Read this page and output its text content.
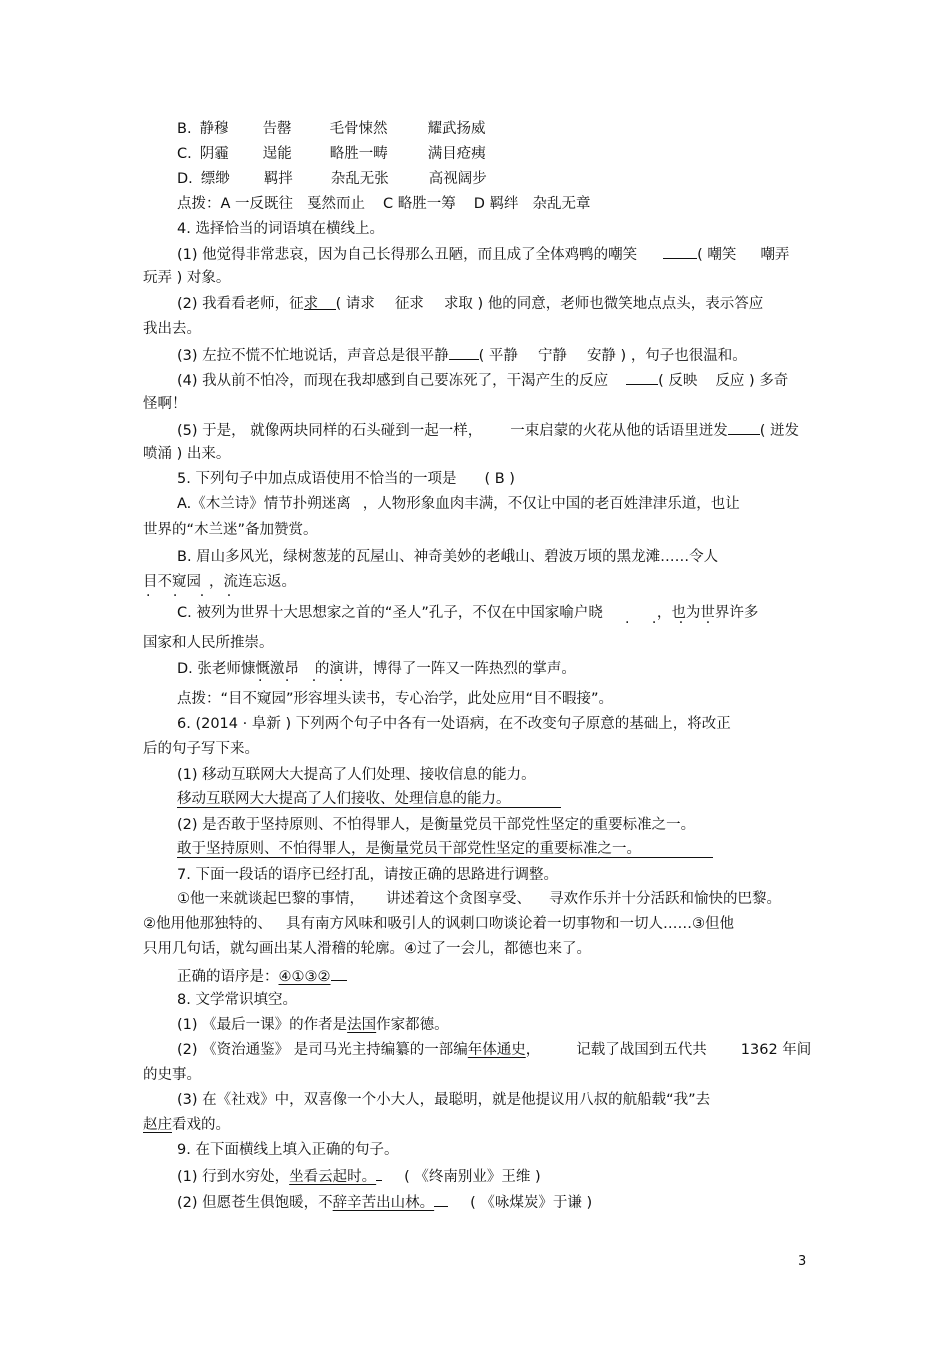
B. 静穆 告罄	毛骨悚然	耀武扬威
C. 阴霾 逞能	略胜一畴	满目疮痍
D. 缥缈 羁拌	杂乱无张	高视阔步
点拨：A 一反既往 戛然而止 C 略胜一筹 D 羁绊 杂乱无章
4. 选择恰当的词语填在横线上。
(1) 他觉得非常悲哀，因为自己长得那么丑陋，而且成了全体鸡鸭的嘲笑	( 嘲笑 嘲弄
玩弄 ) 对象。
(2) 我看看老师，征求 ( 请求 征求 求取 ) 他的同意，老师也微笑地点点头，表示答应
我出去。
(3) 左拉不慌不忙地说话，声音总是很平静 ( 平静 宁静 安静 ) ，句子也很温和。
(4) 我从前不怕冷，而现在我却感到自己要冻死了，干渴产生的反应	( 反映 反应 ) 多奇
怪啊！
(5) 于是， 就像两块同样的石头碰到一起一样， 一束启蒙的火花从他的话语里迸发 ( 迸发
喷涌 ) 出来。
5. 下列句子中加点成语使用不恰当的一项是 ( B )
A.《木兰诗》情节扑朔迷离 ，人物形象血肉丰满，不仅让中国的老百姓津津乐道，也让
世界的“木兰迷”备加赞赏。
B. 眉山多风光，绿树葱茏的瓦屋山、神奇美妙的老峨山、碧波万顷的黑龙滩……令人
目不窥园 ，流连忘返。
· · · ·
C. 被列为世界十大思想家之首的“圣人”孔子，不仅在中国家喻户晓	，也为世界许多
· · · ·
国家和人民所推崇。
D. 张老师慷慨激昂 的演讲，博得了一阵又一阵热烈的掌声。
· · · ·
点拨：“目不窥园”形容埋头读书，专心治学，此处应用“目不暇接”。
6. (2014 · 阜新 ) 下列两个句子中各有一处语病，在不改变句子原意的基础上，将改正
后的句子写下来。
(1) 移动互联网大大提高了人们处理、接收信息的能力。
移动互联网大大提高了人们接收、处理信息的能力。
(2) 是否敢于坚持原则、不怕得罪人，是衡量党员干部党性坚定的重要标准之一。
敢于坚持原则、不怕得罪人，是衡量党员干部党性坚定的重要标准之一。
7. 下面一段话的语序已经打乱，请按正确的思路进行调整。
①他一来就谈起巴黎的事情， 讲述着这个贪图享受、 寻欢作乐并十分活跃和愉快的巴黎。
②他用他那独特的、 具有南方风味和吸引人的讽刺口吻谈论着一切事物和一切人……③但他
只用几句话，就勾画出某人滑稽的轮廓。④过了一会儿，都德也来了。
正确的语序是：④①③②
8. 文学常识填空。
(1) 《最后一课》的作者是法国作家都德。
(2) 《资治通鉴》 是司马光主持编纂的一部编年体通史， 记载了战国到五代共 1362 年间
的史事。
(3) 在《社戏》中，双喜像一个小大人，最聪明，就是他提议用八叔的航船载“我”去
赵庄看戏的。
9. 在下面横线上填入正确的句子。
(1) 行到水穷处，坐看云起时。 ( 《终南别业》王维 )
(2) 但愿苍生俱饱暖，不辞辛苦出山林。 ( 《咏煤炭》于谦 )
3
